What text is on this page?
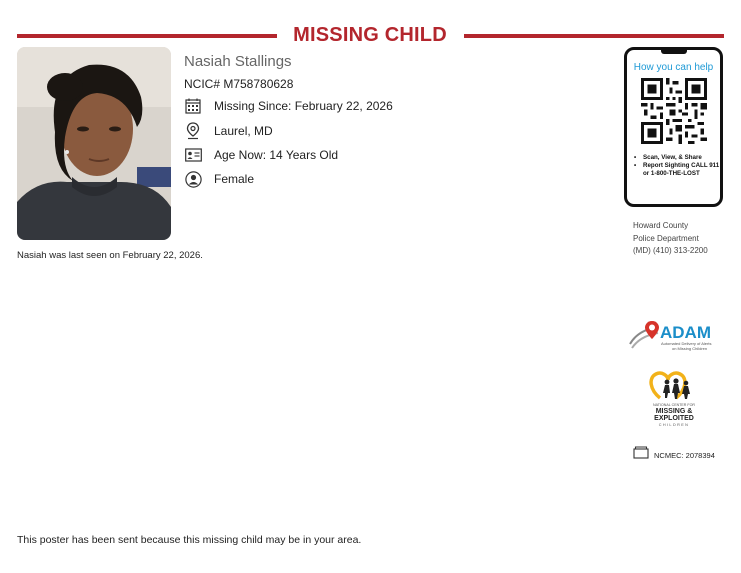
MISSING CHILD
Nasiah Stallings
NCIC# M758780628
Missing Since: February 22, 2026
Laurel, MD
Age Now: 14 Years Old
Female
Nasiah was last seen on February 22, 2026.
How you can help
• Scan, View, & Share
• Report Sighting CALL 911 or 1-800-THE-LOST
Howard County
Police Department
(MD) (410) 313-2200
ADAM
Automated Delivery of Alerts
on Missing Children
NATIONAL CENTER FOR
MISSING &
EXPLOITED
CHILDREN
NCMEC: 2078394
This poster has been sent because this missing child may be in your area.
